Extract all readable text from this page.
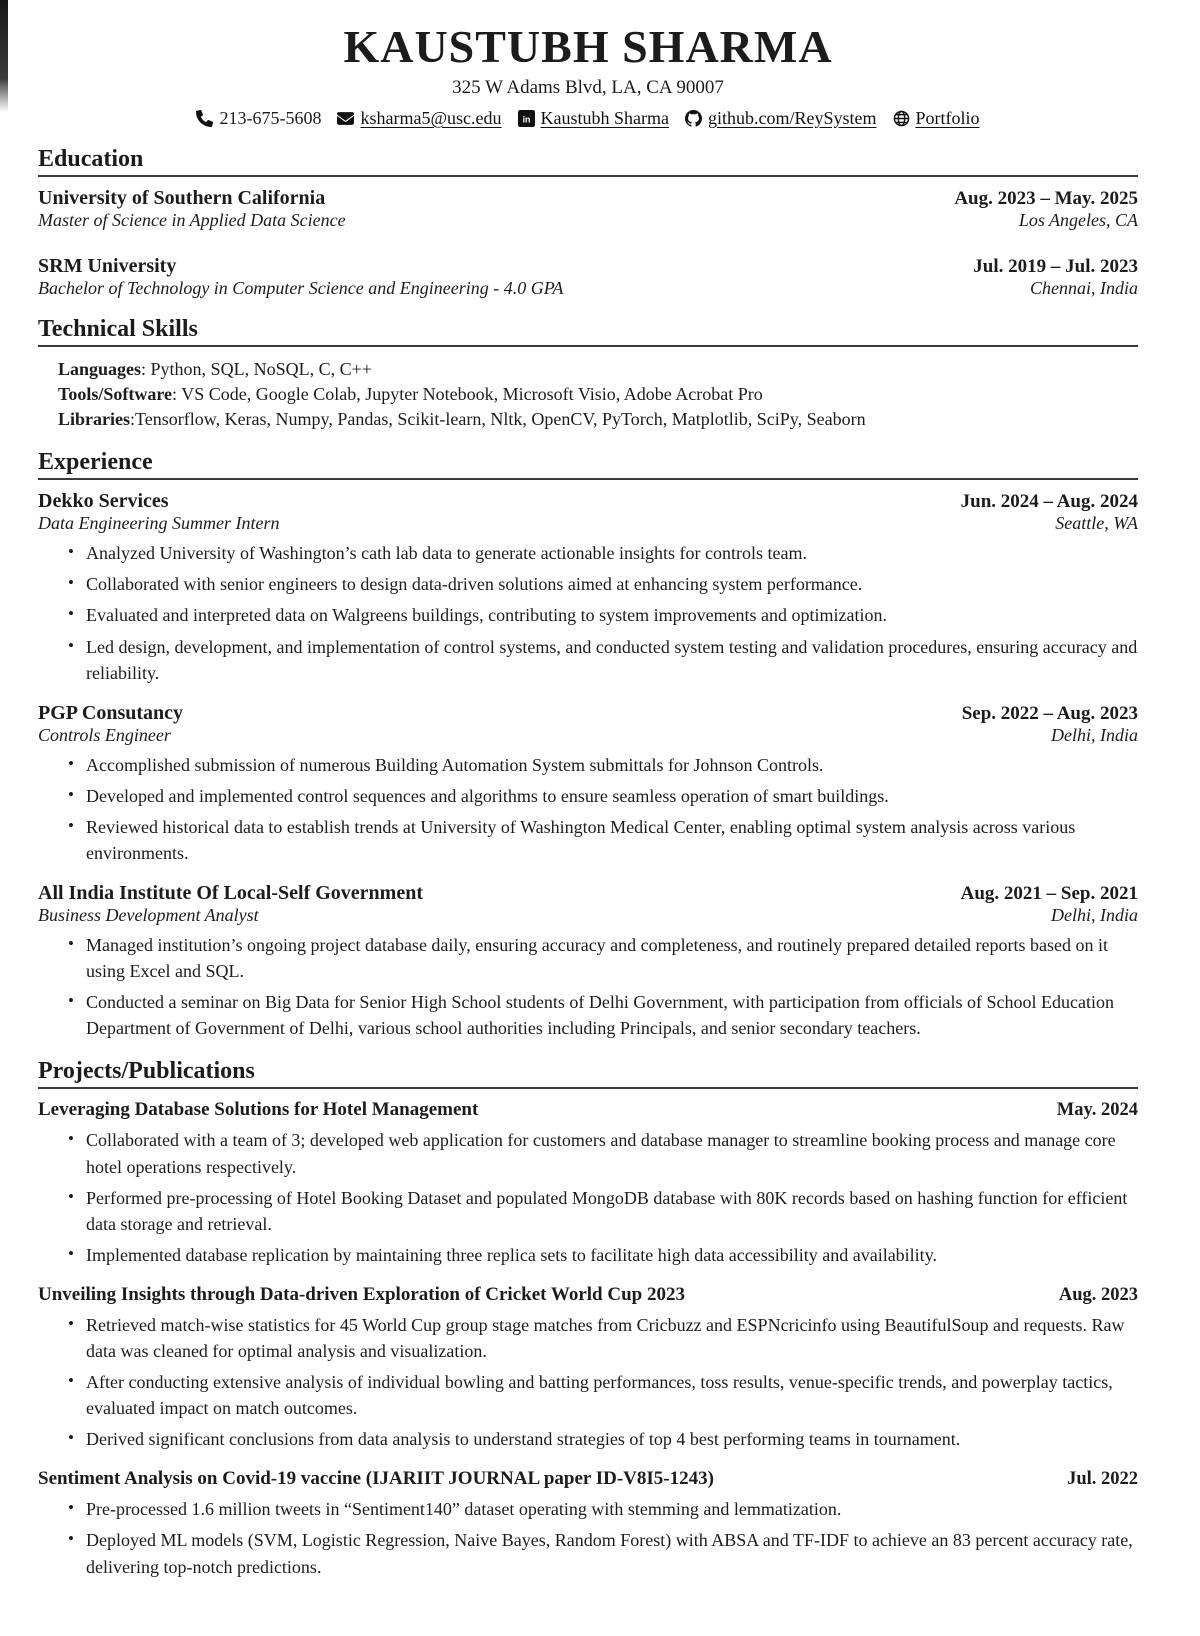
KAUSTUBH SHARMA
325 W Adams Blvd, LA, CA 90007
213-675-5608 ksharma5@usc.edu in Kaustubh Sharma github.com/ReySystem Portfolio
Education
University of Southern California	Aug. 2023 – May. 2025
Master of Science in Applied Data Science	Los Angeles, CA
SRM University	Jul. 2019 – Jul. 2023
Bachelor of Technology in Computer Science and Engineering - 4.0 GPA	Chennai, India
Technical Skills
Languages: Python, SQL, NoSQL, C, C++
Tools/Software: VS Code, Google Colab, Jupyter Notebook, Microsoft Visio, Adobe Acrobat Pro
Libraries:Tensorflow, Keras, Numpy, Pandas, Scikit-learn, Nltk, OpenCV, PyTorch, Matplotlib, SciPy, Seaborn
Experience
Dekko Services	Jun. 2024 – Aug. 2024
Data Engineering Summer Intern	Seattle, WA
• Analyzed University of Washington’s cath lab data to generate actionable insights for controls team.
• Collaborated with senior engineers to design data-driven solutions aimed at enhancing system performance.
• Evaluated and interpreted data on Walgreens buildings, contributing to system improvements and optimization.
• Led design, development, and implementation of control systems, and conducted system testing and validation procedures, ensuring accuracy and reliability.
PGP Consutancy	Sep. 2022 – Aug. 2023
Controls Engineer	Delhi, India
• Accomplished submission of numerous Building Automation System submittals for Johnson Controls.
• Developed and implemented control sequences and algorithms to ensure seamless operation of smart buildings.
• Reviewed historical data to establish trends at University of Washington Medical Center, enabling optimal system analysis across various environments.
All India Institute Of Local-Self Government	Aug. 2021 – Sep. 2021
Business Development Analyst	Delhi, India
• Managed institution’s ongoing project database daily, ensuring accuracy and completeness, and routinely prepared detailed reports based on it using Excel and SQL.
• Conducted a seminar on Big Data for Senior High School students of Delhi Government, with participation from officials of School Education Department of Government of Delhi, various school authorities including Principals, and senior secondary teachers.
Projects/Publications
Leveraging Database Solutions for Hotel Management	May. 2024
• Collaborated with a team of 3; developed web application for customers and database manager to streamline booking process and manage core hotel operations respectively.
• Performed pre-processing of Hotel Booking Dataset and populated MongoDB database with 80K records based on hashing function for efficient data storage and retrieval.
• Implemented database replication by maintaining three replica sets to facilitate high data accessibility and availability.
Unveiling Insights through Data-driven Exploration of Cricket World Cup 2023	Aug. 2023
• Retrieved match-wise statistics for 45 World Cup group stage matches from Cricbuzz and ESPNcricinfo using BeautifulSoup and requests. Raw data was cleaned for optimal analysis and visualization.
• After conducting extensive analysis of individual bowling and batting performances, toss results, venue-specific trends, and powerplay tactics, evaluated impact on match outcomes.
• Derived significant conclusions from data analysis to understand strategies of top 4 best performing teams in tournament.
Sentiment Analysis on Covid-19 vaccine (IJARIIT JOURNAL paper ID-V8I5-1243)	Jul. 2022
• Pre-processed 1.6 million tweets in “Sentiment140” dataset operating with stemming and lemmatization.
• Deployed ML models (SVM, Logistic Regression, Naive Bayes, Random Forest) with ABSA and TF-IDF to achieve an 83 percent accuracy rate, delivering top-notch predictions.
